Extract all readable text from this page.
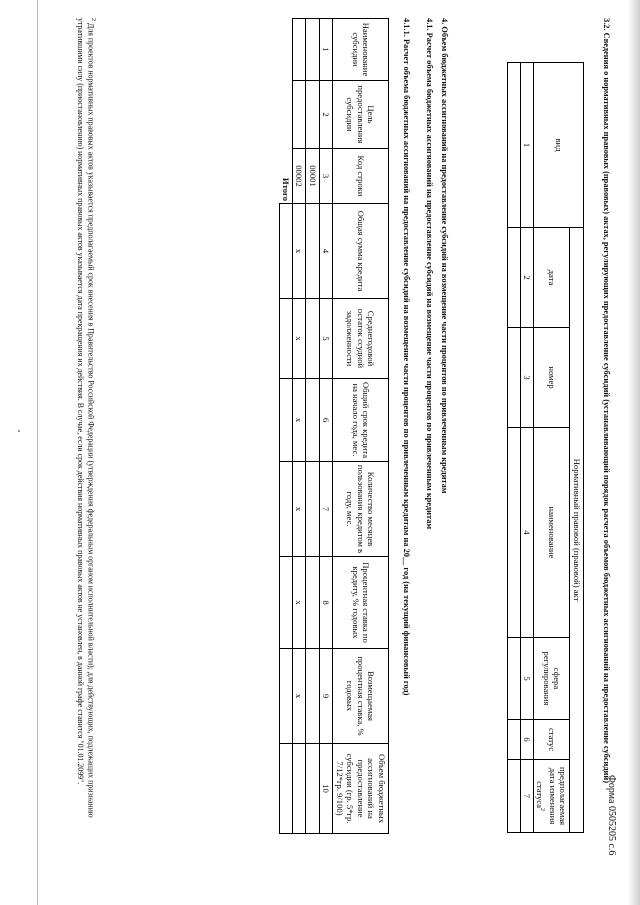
Форма 0505205 с.6
3.2. Сведения о нормативных правовых (правовых) актах, регулирующих предоставление субсидий (устанавливающий порядок расчета объемов бюджетных ассигнований на предоставление субсидий)
вид	Нормативный правовой (правовой) акт					
	дата	номер	наименование	сфера регулирования	статус	предполагаемая дата изменения статуса$^2$
1	2	3	4	5	6	7

4. Объем бюджетных ассигнований на предоставление субсидий на возмещение части процентов по привлеченным кредитам
4.1. Расчет объема бюджетных ассигнований на предоставление субсидий на возмещение части процентов по привлеченным кредитам
4.1.1. Расчет объема бюджетных ассигнований на предоставление субсидий на возмещение части процентов по привлеченным кредитам на 20__ год (на текущий финансовый год)
Наименование субсидии	Цель предоставления субсидии	Код строки	Общая сумма кредита	Среднегодовой остаток ссудной задолженности	Общий срок кредита на начало года, мес.	Количество месяцев пользования кредитом в году, мес.	Процентная ставка по кредиту, % годовых	Возмещаемая процентная ставка, % годовых	Объем бюджетных ассигнований на предоставление субсидии (гр. 5*гр. 7/12*гр. 9/100)
1	2	3	4	5	6	7	8	9	10
		00001							
		00002	x	x	x	x	x	x	
		Итого							
$^2$ Для проектов нормативных правовых актов указывается предполагаемый срок внесения в Правительство Российской Федерации (утверждения федеральным органом исполнительной власти); для действующих, подлежащих признанию утратившими силу (приостановлению) нормативных правовых актов указывается дата прекращения их действия. В случае, если срок действия нормативных правовых актов не установлен, в данной графе ставится "01.01.2099".
